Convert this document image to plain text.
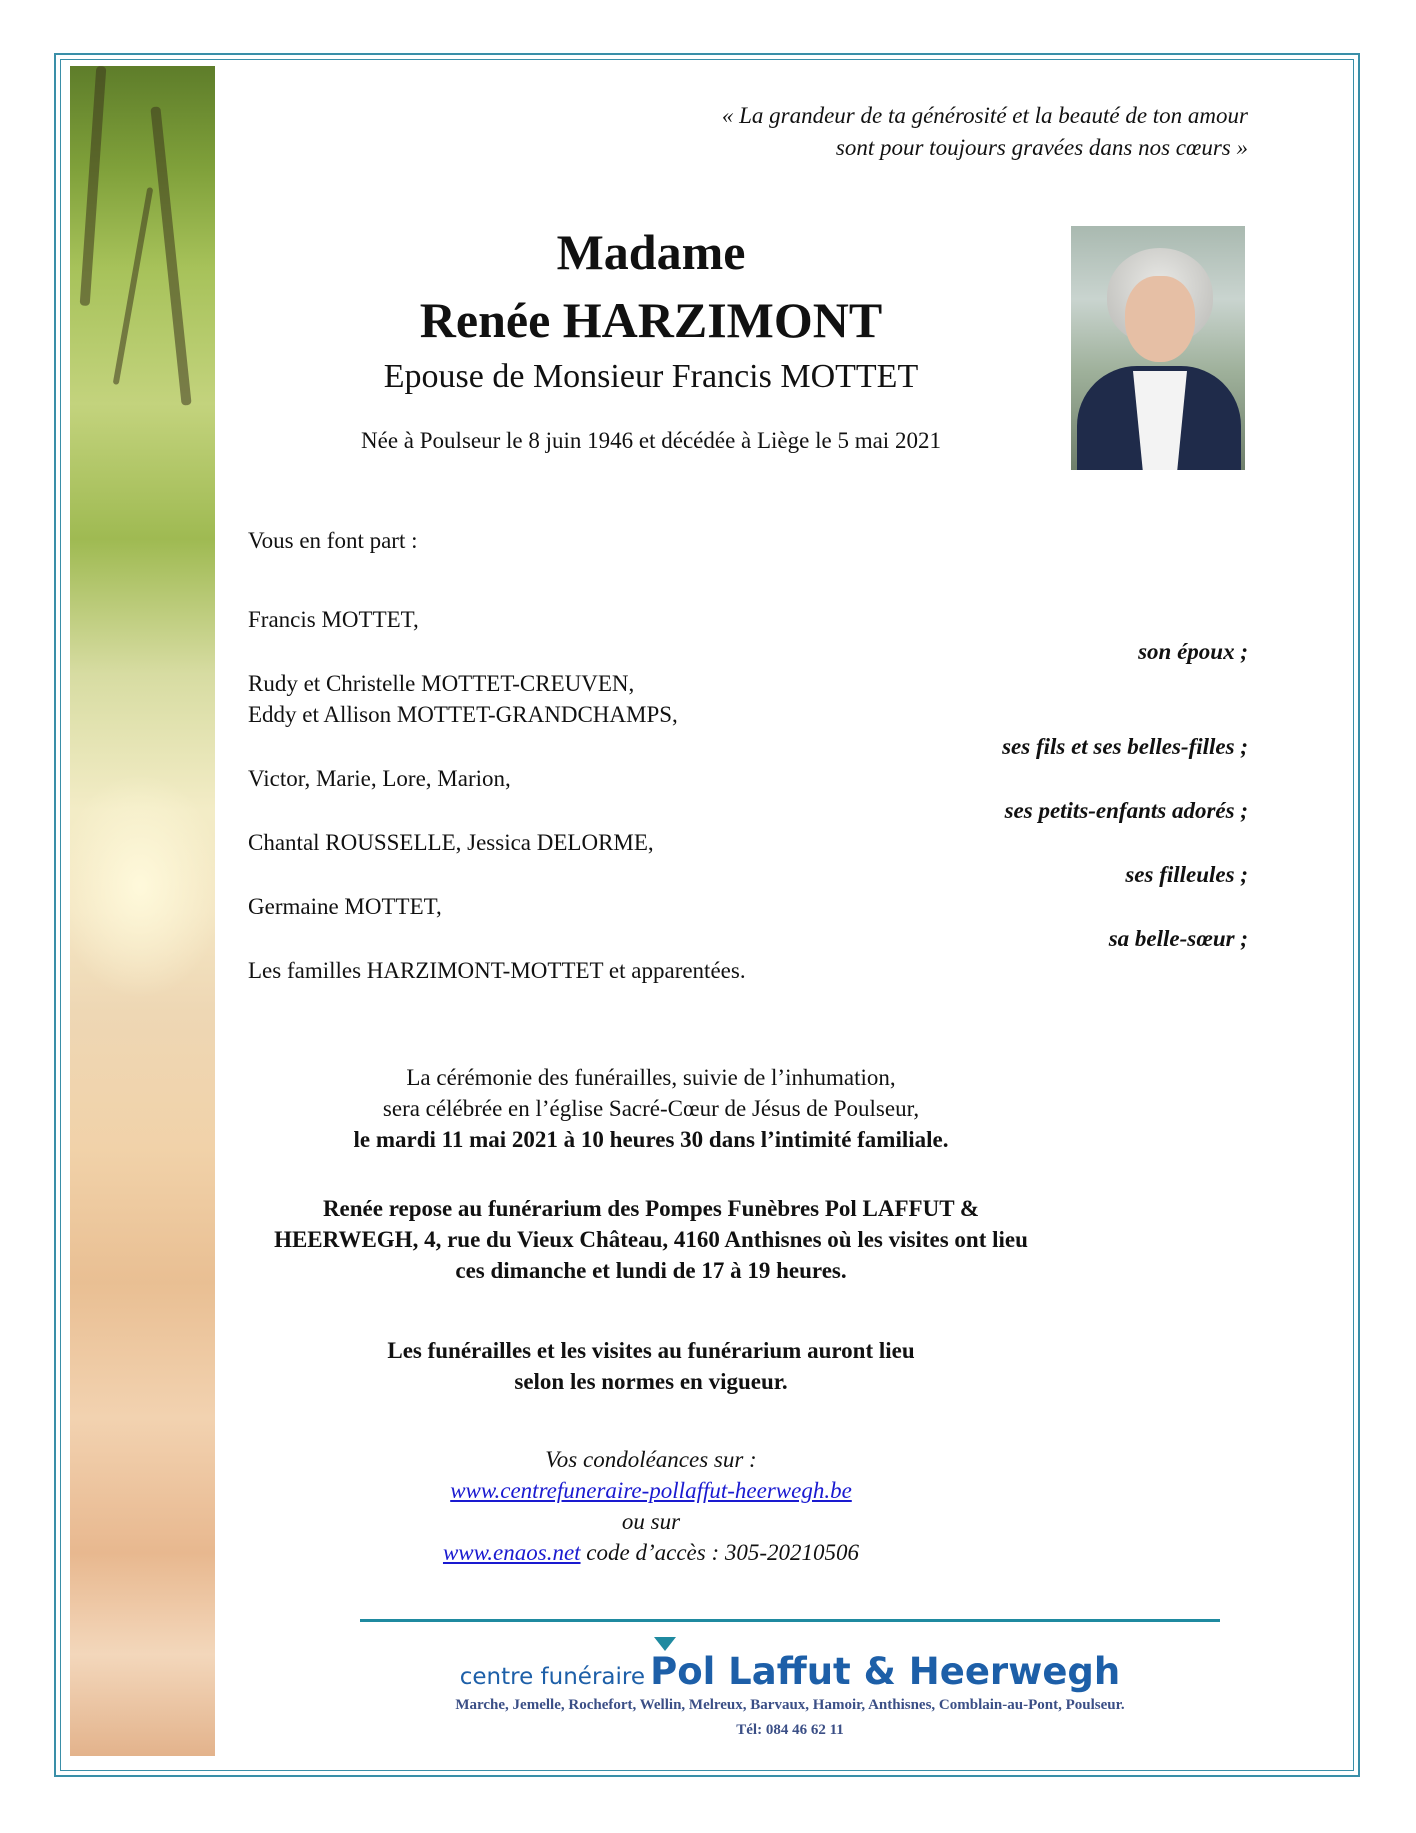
« La grandeur de ta générosité et la beauté de ton amour
sont pour toujours gravées dans nos cœurs »
Madame
Renée HARZIMONT
Epouse de Monsieur Francis MOTTET
Née à Poulseur le 8 juin 1946 et décédée à Liège le 5 mai 2021
Vous en font part :
Francis MOTTET,
son époux ;
Rudy et Christelle MOTTET-CREUVEN,
Eddy et Allison MOTTET-GRANDCHAMPS,
ses fils et ses belles-filles ;
Victor, Marie, Lore, Marion,
ses petits-enfants adorés ;
Chantal ROUSSELLE, Jessica DELORME,
ses filleules ;
Germaine MOTTET,
sa belle-sœur ;
Les familles HARZIMONT-MOTTET et apparentées.
La cérémonie des funérailles, suivie de l’inhumation,
sera célébrée en l’église Sacré-Cœur de Jésus de Poulseur,
le mardi 11 mai 2021 à 10 heures 30 dans l’intimité familiale.
Renée repose au funérarium des Pompes Funèbres Pol LAFFUT &
HEERWEGH, 4, rue du Vieux Château, 4160 Anthisnes où les visites ont lieu
ces dimanche et lundi de 17 à 19 heures.
Les funérailles et les visites au funérarium auront lieu
selon les normes en vigueur.
Vos condoléances sur :
www.centrefuneraire-pollaffut-heerwegh.be
ou sur
www.enaos.net code d’accès : 305-20210506
centre funéraire Pol Laffut & Heerwegh
Marche, Jemelle, Rochefort, Wellin, Melreux, Barvaux, Hamoir, Anthisnes, Comblain-au-Pont, Poulseur.
Tél: 084 46 62 11
